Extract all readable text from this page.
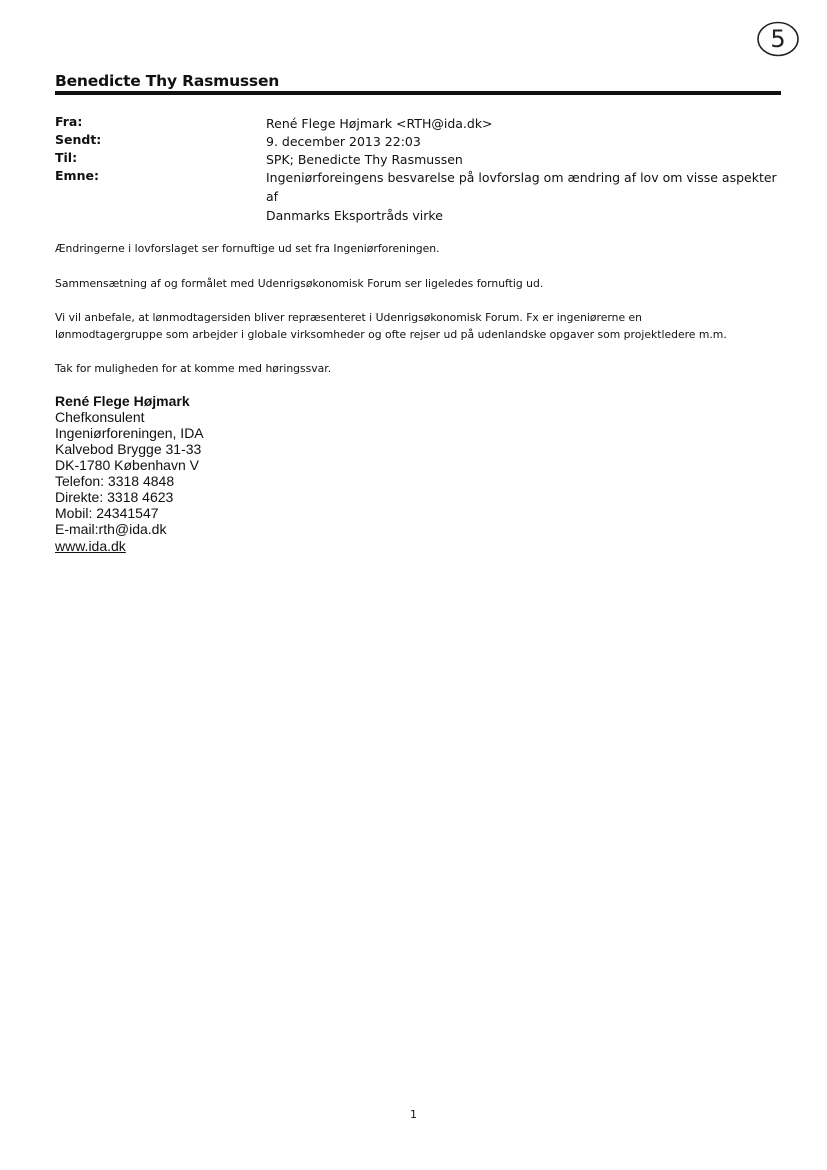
5
Benedicte Thy Rasmussen
Fra:	René Flege Højmark <RTH@ida.dk>
Sendt:	9. december 2013 22:03
Til:	SPK; Benedicte Thy Rasmussen
Emne:	Ingeniørforeingens besvarelse på lovforslag om ændring af lov om visse aspekter af
Danmarks Eksportråds virke
Ændringerne i lovforslaget ser fornuftige ud set fra Ingeniørforeningen.
Sammensætning af og formålet med Udenrigsøkonomisk Forum ser ligeledes fornuftig ud.
Vi vil anbefale, at lønmodtagersiden bliver repræsenteret i Udenrigsøkonomisk Forum. Fx er ingeniørerne en
lønmodtagergruppe som arbejder i globale virksomheder og ofte rejser ud på udenlandske opgaver som projektledere m.m.
Tak for muligheden for at komme med høringssvar.
René Flege Højmark
Chefkonsulent
Ingeniørforeningen, IDA
Kalvebod Brygge 31-33
DK-1780 København V
Telefon: 3318 4848
Direkte: 3318 4623
Mobil: 24341547
E-mail:rth@ida.dk
www.ida.dk
1
